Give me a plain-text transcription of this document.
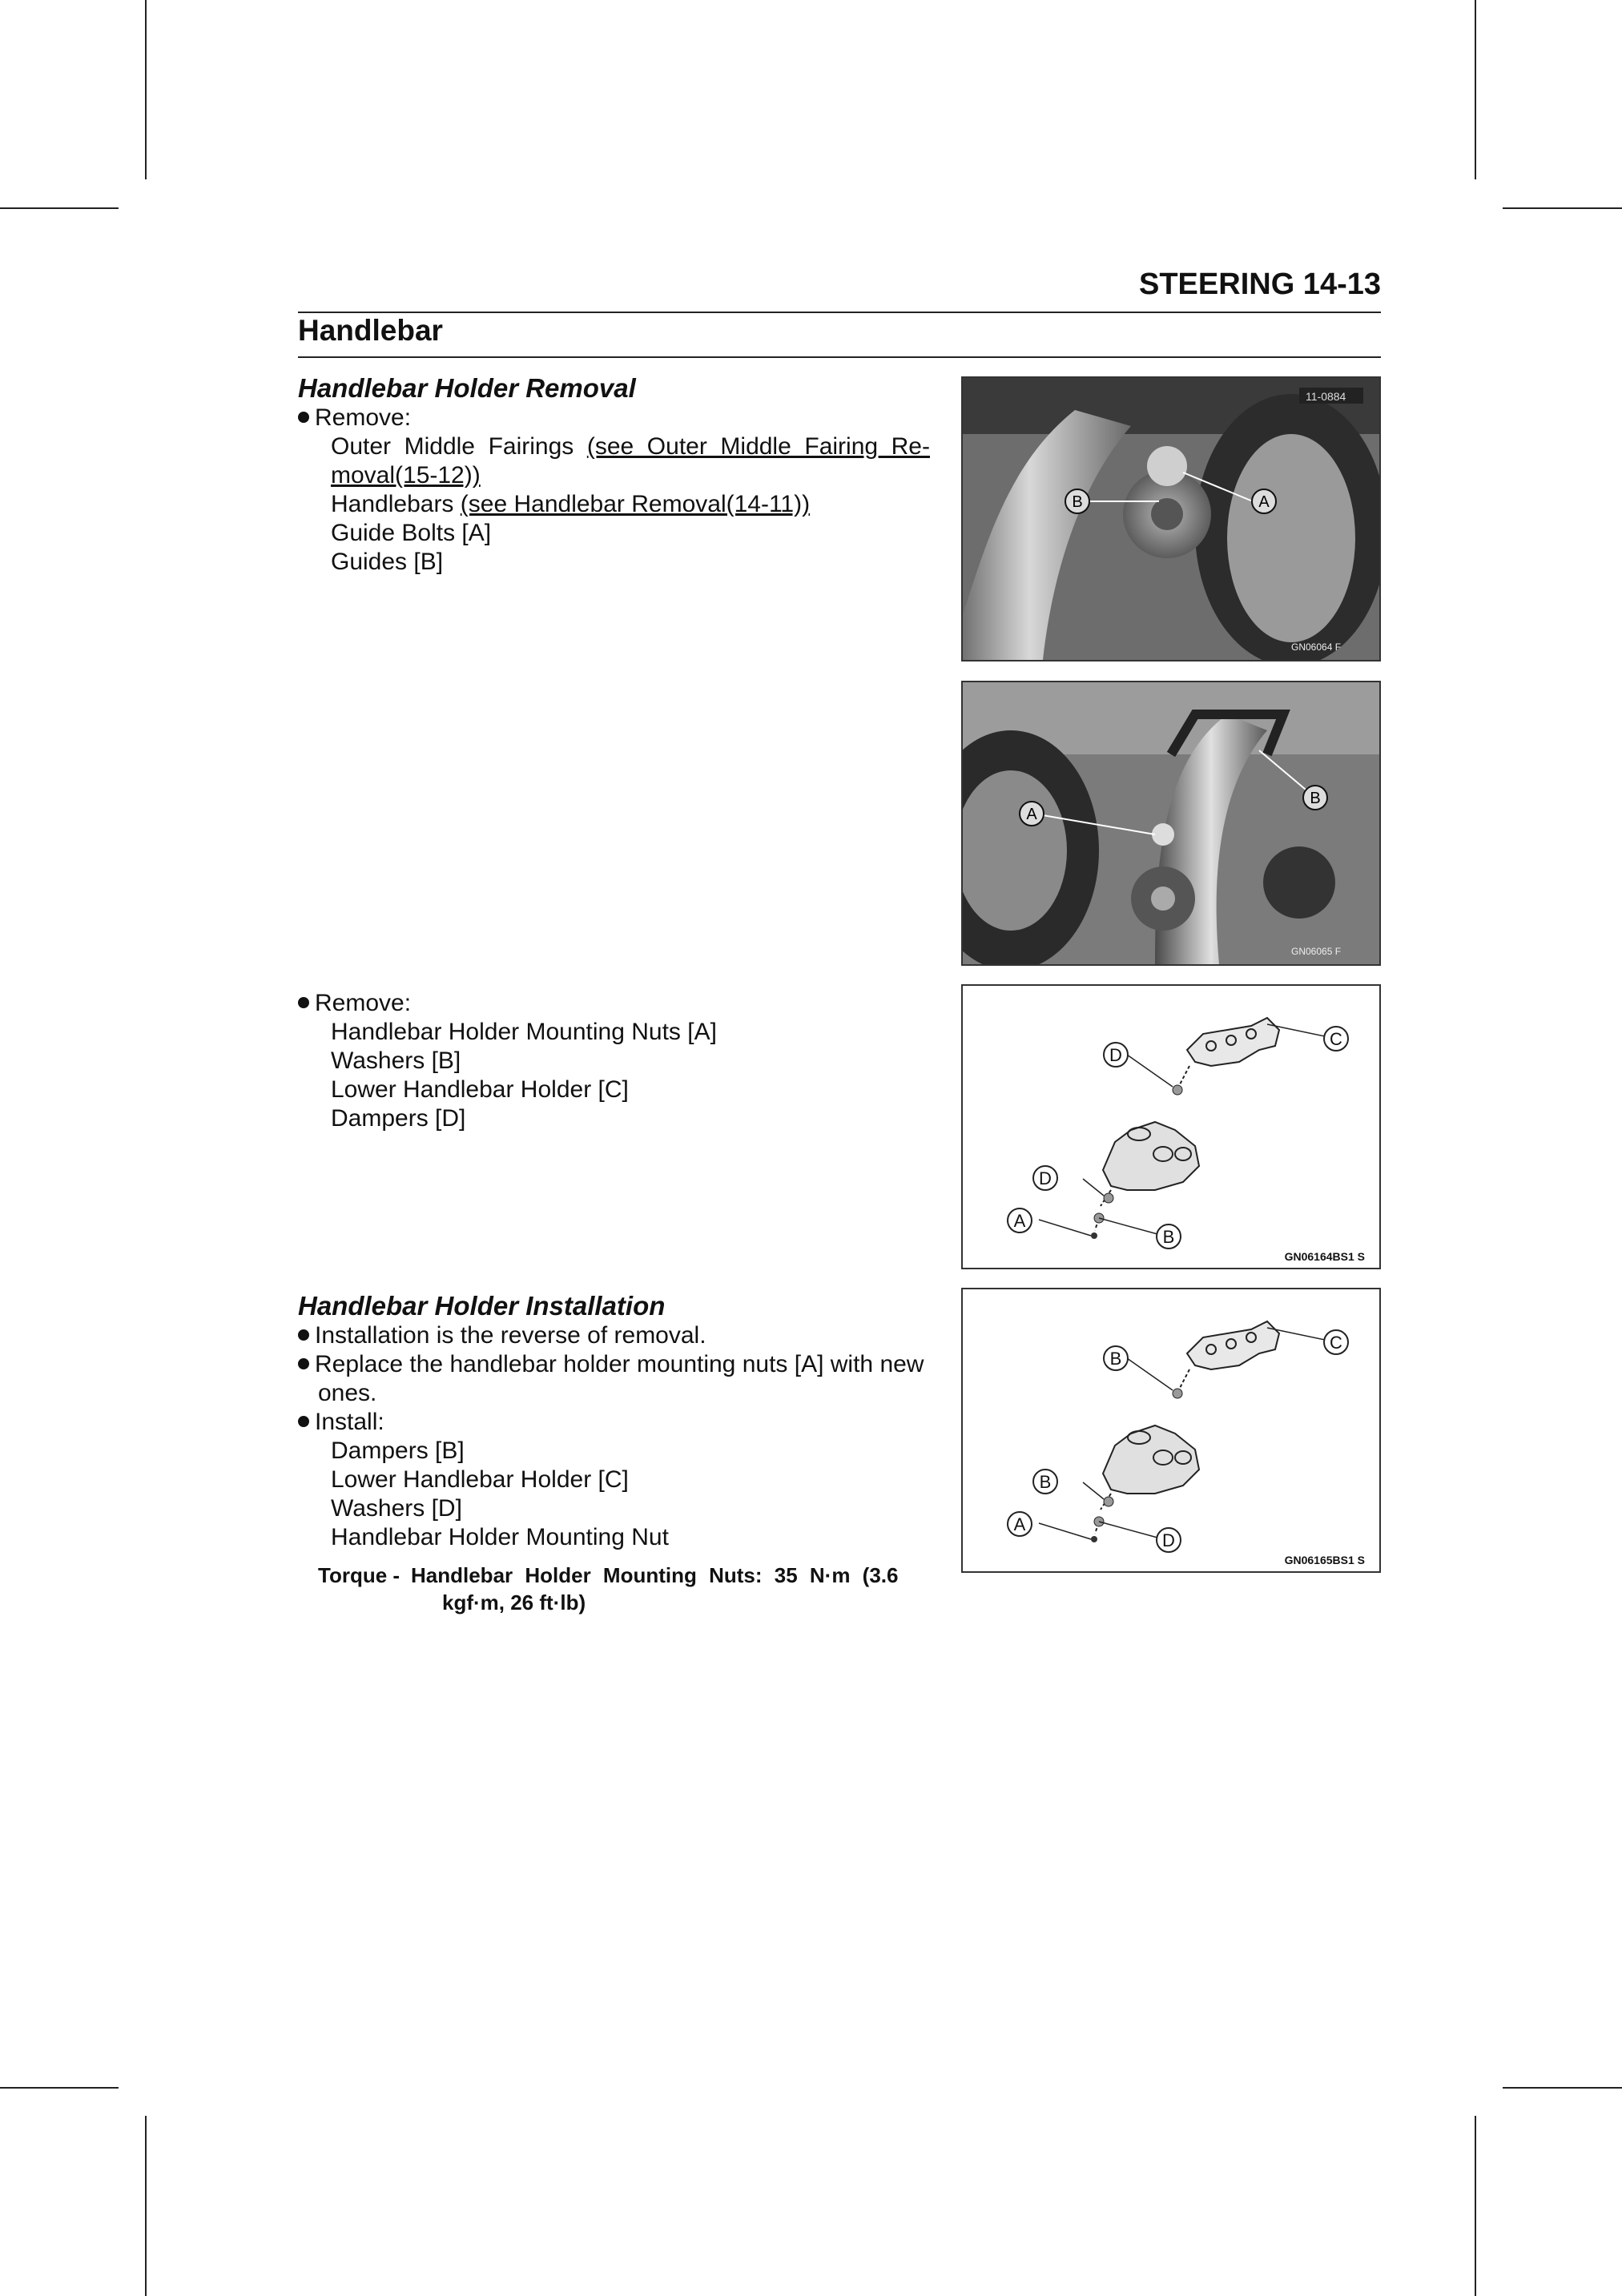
STEERING 14-13
Handlebar
Handlebar Holder Removal
Remove:
Outer Middle Fairings (see Outer Middle Fairing Re-
moval(15-12))
Handlebars (see Handlebar Removal(14-11))
Guide Bolts [A]
Guides [B]
Remove:
Handlebar Holder Mounting Nuts [A]
Washers [B]
Lower Handlebar Holder [C]
Dampers [D]
Handlebar Holder Installation
Installation is the reverse of removal.
Replace the handlebar holder mounting nuts [A] with new
ones.
Install:
Dampers [B]
Lower Handlebar Holder [C]
Washers [D]
Handlebar Holder Mounting Nut
Torque - Handlebar Holder Mounting Nuts: 35 N·m (3.6
kgf·m, 26 ft·lb)
11-0884
B	A
GN06064 F
A
B
GN06065 F
C
D
D
A
B
GN06164BS1 S
C
B
B
A
D
GN06165BS1 S
